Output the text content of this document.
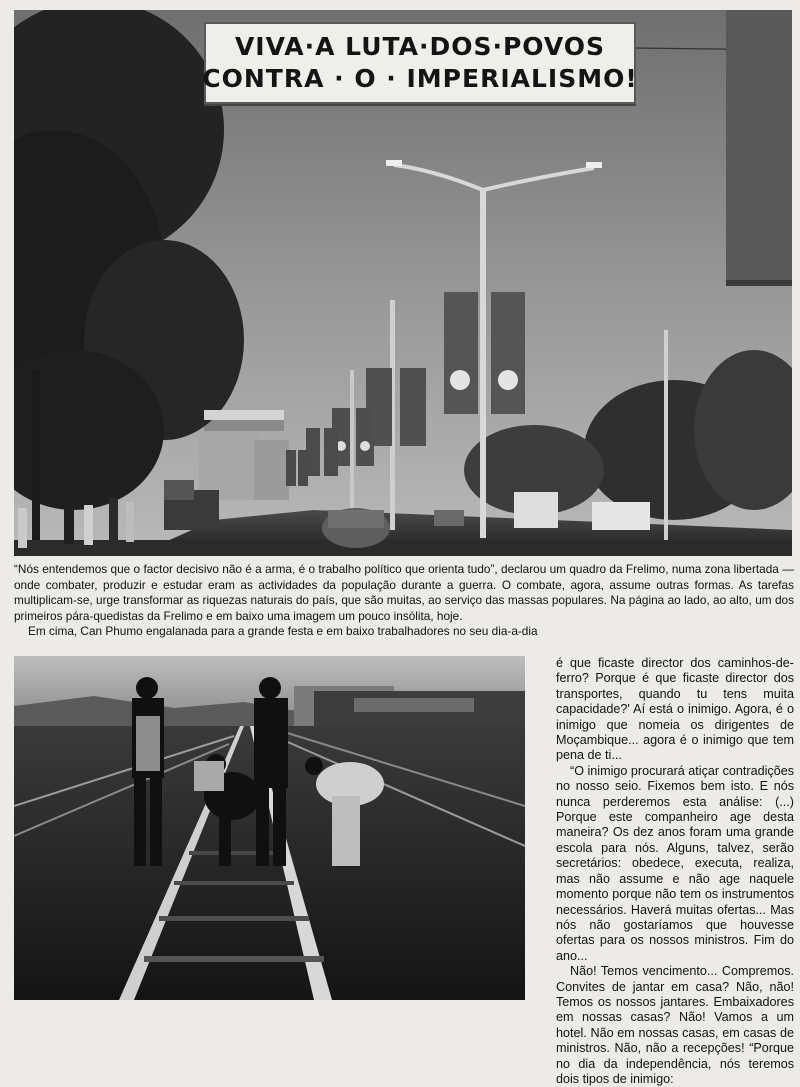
VIVA·A LUTA·DOS·POVOS
CONTRA · O · IMPERIALISMO!

“Nós entendemos que o factor decisivo não é a arma, é o trabalho político que orienta tudo”, declarou um quadro da Frelimo, numa zona libertada — onde combater, produzir e estudar eram as actividades da população durante a guerra. O combate, agora, assume outras formas. As tarefas multiplicam-se, urge transformar as riquezas naturais do país, que são muitas, ao serviço das massas populares. Na página ao lado, ao alto, um dos primeiros pára-quedistas da Frelimo e em baixo uma imagem um pouco insólita, hoje.

Em cima, Can Phumo engalanada para a grande festa e em baixo trabalhadores no seu dia-a-dia

é que ficaste director dos caminhos-de-ferro? Porque é que ficaste director dos transportes, quando tu tens muita capacidade?' Aí está o inimigo. Agora, é o inimigo que nomeia os dirigentes de Moçambique... agora é o inimigo que tem pena de ti...

“O inimigo procurará atiçar contradições no nosso seio. Fixemos bem isto. E nós nunca perderemos esta análise: (...) Porque este companheiro age desta maneira? Os dez anos foram uma grande escola para nós. Alguns, talvez, serão secretários: obedece, executa, realiza, mas não assume e não age naquele momento porque não tem os instrumentos necessários. Haverá muitas ofertas... Mas nós não gostaríamos que houvesse ofertas para os nossos ministros. Fim do ano...

Não! Temos vencimento... Compremos. Convites de jantar em casa? Não, não! Temos os nossos jantares. Embaixadores em nossas casas? Não! Vamos a um hotel. Não em nossas casas, em casas de ministros. Não, não a recepções! “Porque no dia da independência, nós teremos dois tipos de inimigo:
